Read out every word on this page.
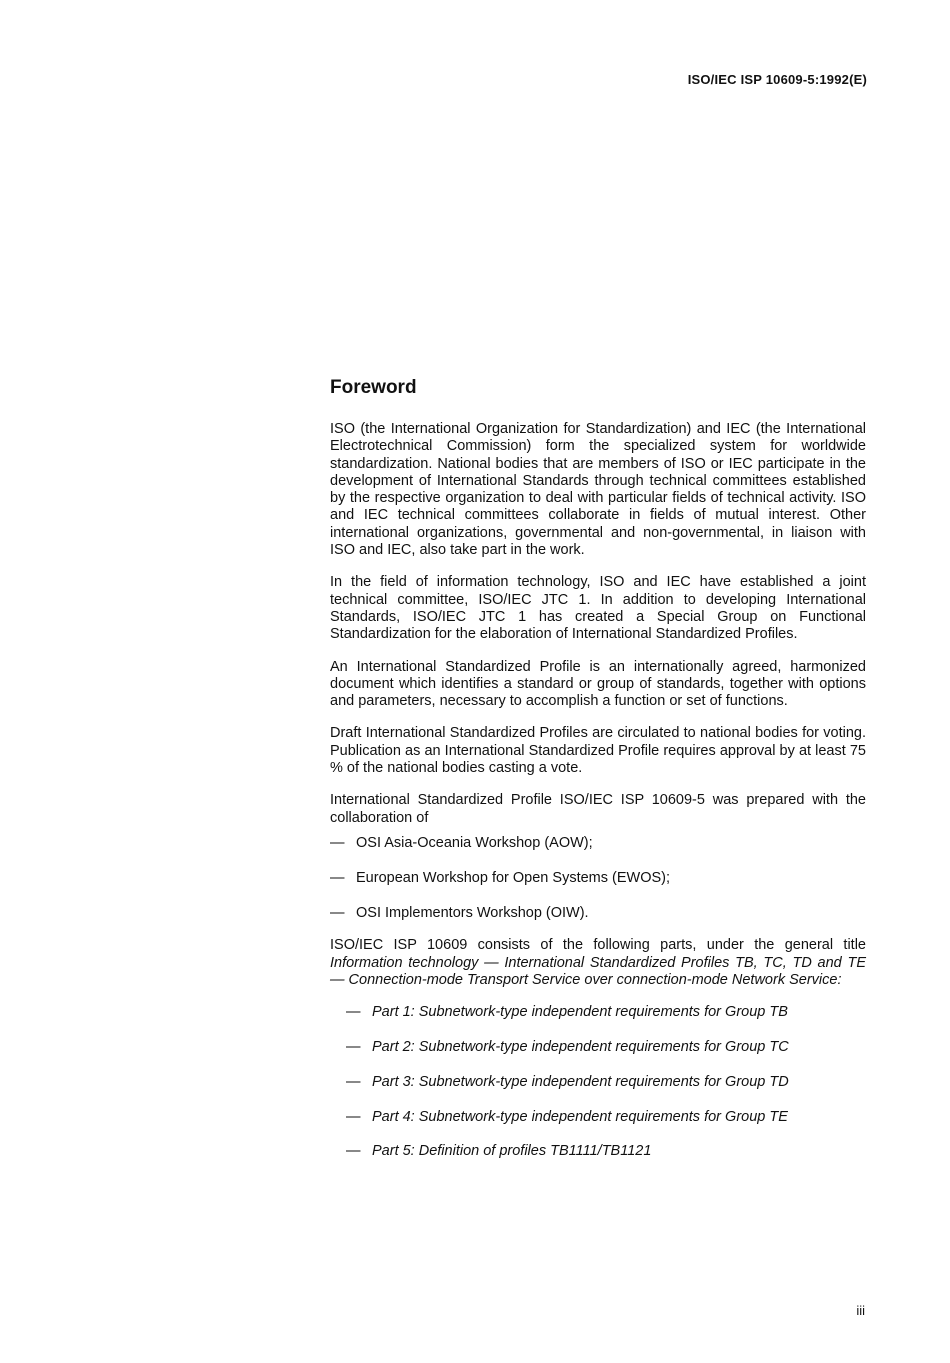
ISO/IEC ISP 10609-5:1992(E)
Foreword

ISO (the International Organization for Standardization) and IEC (the International Electrotechnical Commission) form the specialized system for worldwide standardization. National bodies that are members of ISO or IEC participate in the development of International Standards through technical committees established by the respective organization to deal with particular fields of technical activity. ISO and IEC technical committees collaborate in fields of mutual interest. Other international organizations, governmental and non-governmental, in liaison with ISO and IEC, also take part in the work.

In the field of information technology, ISO and IEC have established a joint technical committee, ISO/IEC JTC 1. In addition to developing International Standards, ISO/IEC JTC 1 has created a Special Group on Functional Standardization for the elaboration of International Standardized Profiles.

An International Standardized Profile is an internationally agreed, harmonized document which identifies a standard or group of standards, together with options and parameters, necessary to accomplish a function or set of functions.

Draft International Standardized Profiles are circulated to national bodies for voting. Publication as an International Standardized Profile requires approval by at least 75 % of the national bodies casting a vote.

International Standardized Profile ISO/IEC ISP 10609-5 was prepared with the collaboration of

— OSI Asia-Oceania Workshop (AOW);
— European Workshop for Open Systems (EWOS);
— OSI Implementors Workshop (OIW).

ISO/IEC ISP 10609 consists of the following parts, under the general title Information technology — International Standardized Profiles TB, TC, TD and TE — Connection-mode Transport Service over connection-mode Network Service:

— Part 1: Subnetwork-type independent requirements for Group TB
— Part 2: Subnetwork-type independent requirements for Group TC
— Part 3: Subnetwork-type independent requirements for Group TD
— Part 4: Subnetwork-type independent requirements for Group TE
— Part 5: Definition of profiles TB1111/TB1121
iii
